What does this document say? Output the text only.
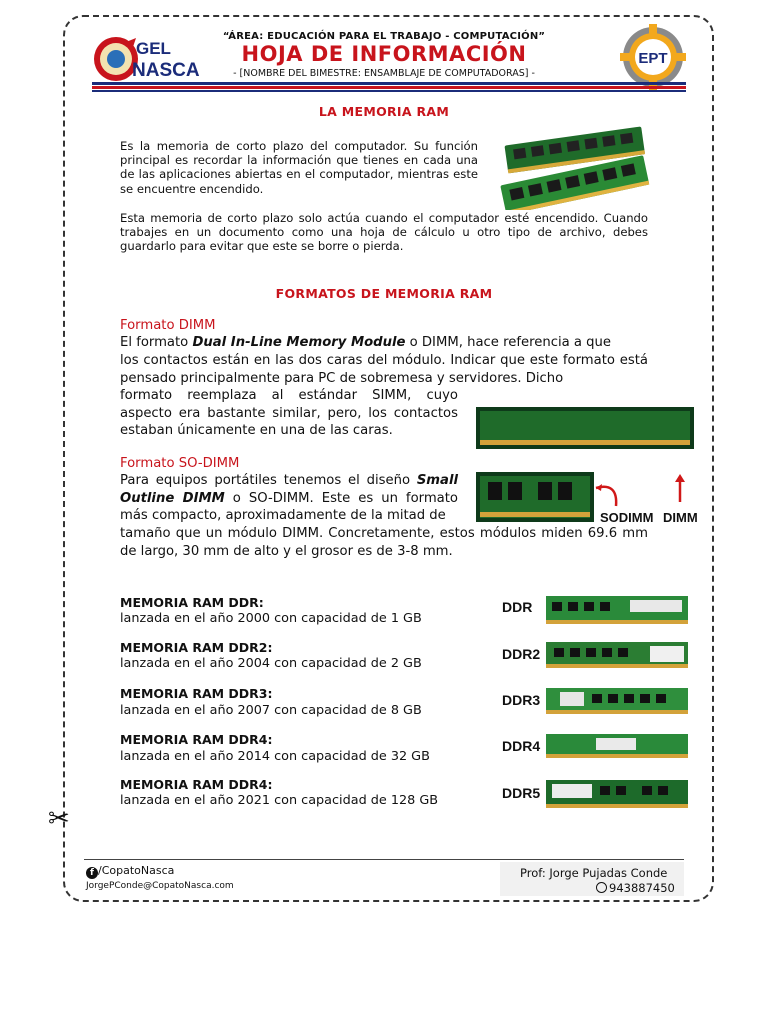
✂
GEL
NASCA
“ÁREA: EDUCACIÓN PARA EL TRABAJO - COMPUTACIÓN”
HOJA DE INFORMACIÓN
- [NOMBRE DEL BIMESTRE: ENSAMBLAJE DE COMPUTADORAS] -
EPT
LA MEMORIA RAM
Es la memoria de corto plazo del computador. Su función principal es recordar la información que tienes en cada una de las aplicaciones abiertas en el computador, mientras este se encuentre encendido.
Esta memoria de corto plazo solo actúa cuando el computador esté encendido. Cuando trabajes en un documento como una hoja de cálculo u otro tipo de archivo, debes guardarlo para evitar que este se borre o pierda.
FORMATOS DE MEMORIA RAM
Formato DIMM
El formato Dual In-Line Memory Module o DIMM, hace referencia a que
los contactos están en las dos caras del módulo. Indicar que este formato está pensado principalmente para PC de sobremesa y servidores. Dicho
formato reemplaza al estándar SIMM, cuyo aspecto era bastante similar, pero, los contactos estaban únicamente en una de las caras.
SODIMM DIMM
Formato SO-DIMM
Para equipos portátiles tenemos el diseño Small Outline DIMM o SO-DIMM. Este es un formato más compacto, aproximadamente de la mitad de
tamaño que un módulo DIMM. Concretamente, estos módulos miden 69.6 mm de largo, 30 mm de alto y el grosor es de 3-8 mm.
MEMORIA RAM DDR:
lanzada en el año 2000 con capacidad de 1 GB
MEMORIA RAM DDR2:
lanzada en el año 2004 con capacidad de 2 GB
MEMORIA RAM DDR3:
lanzada en el año 2007 con capacidad de 8 GB
MEMORIA RAM DDR4:
lanzada en el año 2014 con capacidad de 32 GB
MEMORIA RAM DDR4:
lanzada en el año 2021 con capacidad de 128 GB
DDR
DDR2
DDR3
DDR4
DDR5
f /CopatoNasca
JorgePConde@CopatoNasca.com
Prof: Jorge Pujadas Conde
943887450
